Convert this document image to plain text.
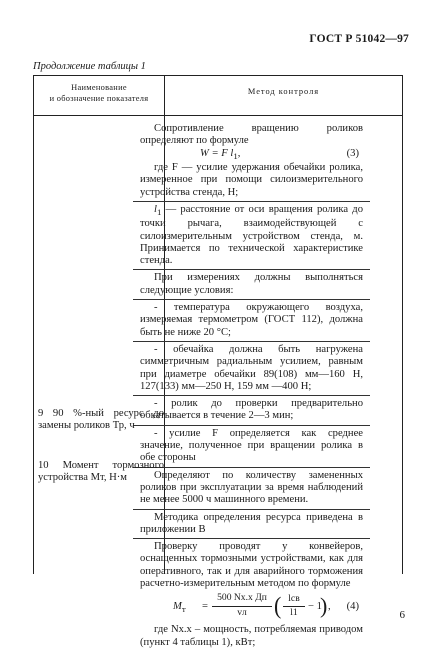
ГОСТ Р 51042—97
Продолжение таблицы 1
Наименование
и обозначение показателя
Метод контроля

Сопротивление вращению роликов определяют по формуле

W = F $l_1$,	(3)

где F — усилие удержания обечайки ролика, измеренное при помощи силоизмерительного устройства стенда, Н;

$l_1$ — расстояние от оси вращения ролика до точки рычага, взаимодействующей с силоизмерительным устройством стенда, м. Принимается по технической характеристике стенда.

При измерениях должны выполняться следующие условия:

- температура окружающего воздуха, измеряемая термометром (ГОСТ 112), должна быть не ниже 20 °С;

- обечайка должна быть нагружена симметричным радиальным усилием, равным при диаметре обечайки 89(108) мм—160 Н, 127(133) мм—250 Н, 159 мм —400 Н;

- ролик до проверки предварительно обкатывается в течение 2—3 мин;

- усилие F определяется как среднее значение, полученное при вращении ролика в обе стороны

Определяют по количеству замененных роликов при эксплуатации за время наблюдений не менее 5000 ч машинного времени.

Методика определения ресурса приведена в приложении В

Проверку проводят у конвейеров, оснащенных тормозными устройствами, как для оперативного, так и для аварийного торможения расчетно-измерительным методом по формуле

$M_т$ =
500 Nх.х Дп
vл	( lсв
l1 − 1
) , (4)

где Nх.х – мощность, потребляемая приводом (пункт 4 таблицы 1), кВт;

9 90 %-ный ресурс до замены роликов Тр, ч
10 Момент тормозного устройства Мт, Н·м
6
